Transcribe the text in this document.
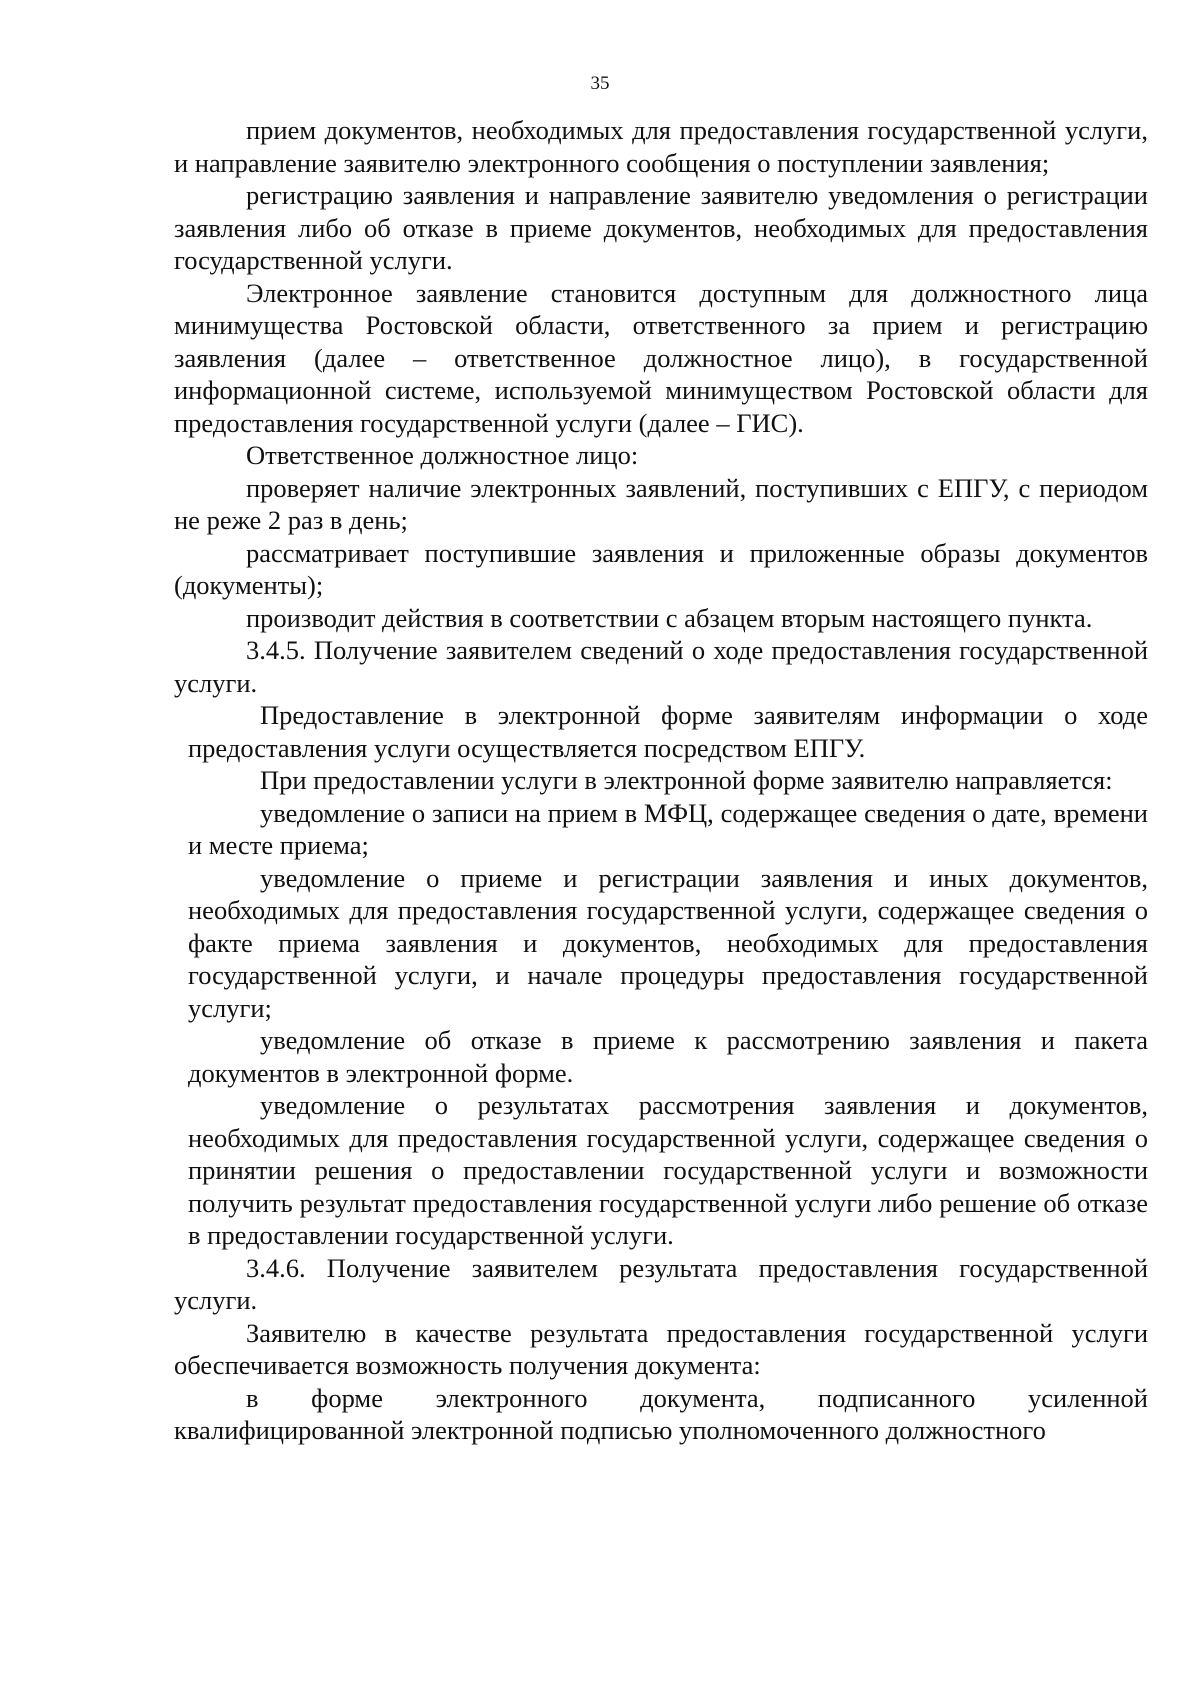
35

прием документов, необходимых для предоставления государственной услуги, и направление заявителю электронного сообщения о поступлении заявления;

регистрацию заявления и направление заявителю уведомления о регистрации заявления либо об отказе в приеме документов, необходимых для предоставления государственной услуги.

Электронное заявление становится доступным для должностного лица минимущества Ростовской области, ответственного за прием и регистрацию заявления (далее – ответственное должностное лицо), в государственной информационной системе, используемой минимуществом Ростовской области для предоставления государственной услуги (далее – ГИС).

Ответственное должностное лицо:

проверяет наличие электронных заявлений, поступивших с ЕПГУ, с периодом не реже 2 раз в день;

рассматривает поступившие заявления и приложенные образы документов (документы);

производит действия в соответствии с абзацем вторым настоящего пункта.

3.4.5. Получение заявителем сведений о ходе предоставления государственной услуги.

Предоставление в электронной форме заявителям информации о ходе предоставления услуги осуществляется посредством ЕПГУ.

При предоставлении услуги в электронной форме заявителю направляется:

уведомление о записи на прием в МФЦ, содержащее сведения о дате, времени и месте приема;

уведомление о приеме и регистрации заявления и иных документов, необходимых для предоставления государственной услуги, содержащее сведения о факте приема заявления и документов, необходимых для предоставления государственной услуги, и начале процедуры предоставления государственной услуги;

уведомление об отказе в приеме к рассмотрению заявления и пакета документов в электронной форме.

уведомление о результатах рассмотрения заявления и документов, необходимых для предоставления государственной услуги, содержащее сведения о принятии решения о предоставлении государственной услуги и возможности получить результат предоставления государственной услуги либо решение об отказе в предоставлении государственной услуги.

3.4.6. Получение заявителем результата предоставления государственной услуги.

Заявителю в качестве результата предоставления государственной услуги обеспечивается возможность получения документа:

в форме электронного документа, подписанного усиленной квалифицированной электронной подписью уполномоченного должностного
